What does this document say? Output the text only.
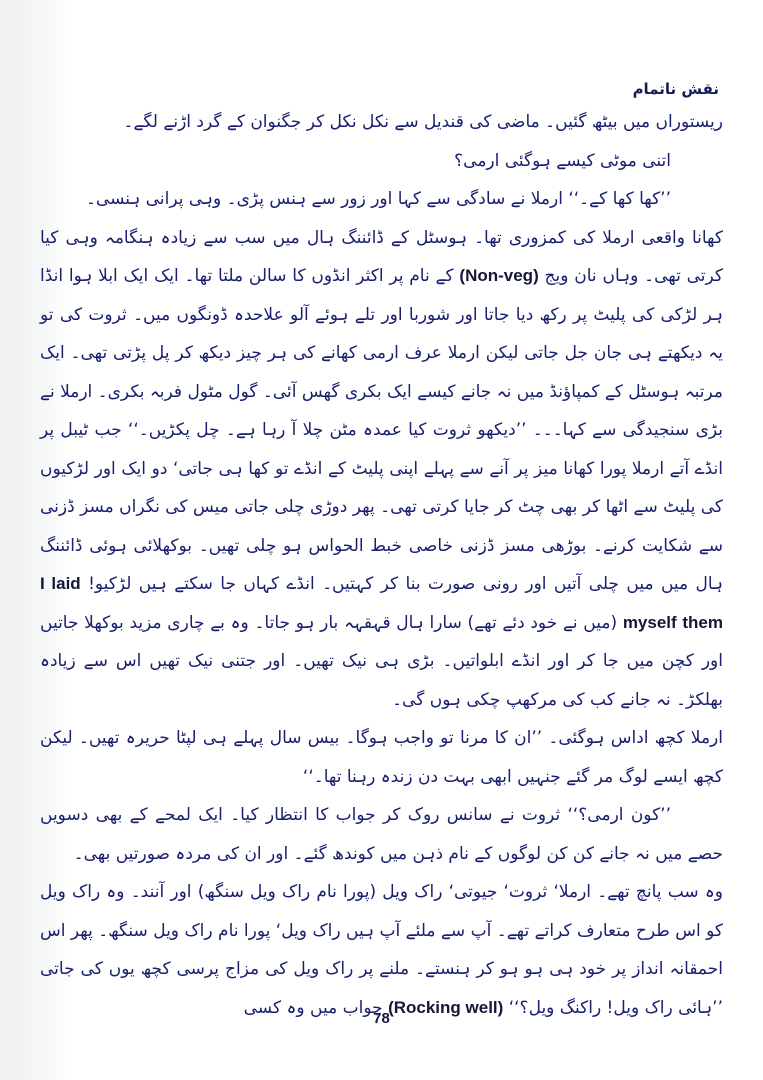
نقش ناتمام

ریستوراں میں بیٹھ گئیں۔ ماضی کی قندیل سے نکل نکل کر جگنوان کے گرد اڑنے لگے۔

اتنی موٹی کیسے ہوگئی ارمی؟

’’کھا کھا کے۔‘‘ ارملا نے سادگی سے کہا اور زور سے ہنس پڑی۔ وہی پرانی ہنسی۔

کھانا واقعی ارملا کی کمزوری تھا۔ ہوسٹل کے ڈائننگ ہال میں سب سے زیادہ ہنگامہ وہی کیا کرتی تھی۔ وہاں نان ویج (Non-veg) کے نام پر اکثر انڈوں کا سالن ملتا تھا۔ ایک ایک ابلا ہوا انڈا ہر لڑکی کی پلیٹ پر رکھ دیا جاتا اور شوربا اور تلے ہوئے آلو علاحدہ ڈونگوں میں۔ ثروت کی تو یہ دیکھتے ہی جان جل جاتی لیکن ارملا عرف ارمی کھانے کی ہر چیز دیکھ کر پل پڑتی تھی۔ ایک مرتبہ ہوسٹل کے کمپاؤنڈ میں نہ جانے کیسے ایک بکری گھس آئی۔ گول مٹول فربہ بکری۔ ارملا نے بڑی سنجیدگی سے کہا۔۔۔ ’’دیکھو ثروت کیا عمدہ مٹن چلا آ رہا ہے۔ چل پکڑیں۔‘‘ جب ٹیبل پر انڈے آتے ارملا پورا کھانا میز پر آنے سے پہلے اپنی پلیٹ کے انڈے تو کھا ہی جاتی‘ دو ایک اور لڑکیوں کی پلیٹ سے اٹھا کر بھی چٹ کر جایا کرتی تھی۔ پھر دوڑی چلی جاتی میس کی نگراں مسز ڈزنی سے شکایت کرنے۔ بوڑھی مسز ڈزنی خاصی خبط الحواس ہو چلی تھیں۔ بوکھلائی ہوئی ڈائننگ ہال میں میں چلی آتیں اور رونی صورت بنا کر کہتیں۔ انڈے کہاں جا سکتے ہیں لڑکیو! I laid them myself (میں نے خود دئے تھے) سارا ہال قہقہہ بار ہو جاتا۔ وہ بے چاری مزید بوکھلا جاتیں اور کچن میں جا کر اور انڈے ابلواتیں۔ بڑی ہی نیک تھیں۔ اور جتنی نیک تھیں اس سے زیادہ بھلکڑ۔ نہ جانے کب کی مرکھپ چکی ہوں گی۔

ارملا کچھ اداس ہوگئی۔ ’’ان کا مرنا تو واجب ہوگا۔ بیس سال پہلے ہی لپٹا حریرہ تھیں۔ لیکن کچھ ایسے لوگ مر گئے جنہیں ابھی بہت دن زندہ رہنا تھا۔‘‘

’’کون ارمی؟‘‘ ثروت نے سانس روک کر جواب کا انتظار کیا۔ ایک لمحے کے بھی دسویں حصے میں نہ جانے کن کن لوگوں کے نام ذہن میں کوندھ گئے۔ اور ان کی مردہ صورتیں بھی۔

وہ سب پانچ تھے۔ ارملا‘ ثروت‘ جیوتی‘ راک ویل (پورا نام راک ویل سنگھ) اور آنند۔ وہ راک ویل کو اس طرح متعارف کراتے تھے۔ آپ سے ملئے آپ ہیں راک ویل‘ پورا نام راک ویل سنگھ۔ پھر اس احمقانہ انداز پر خود ہی ہو ہو کر ہنستے۔ ملنے پر راک ویل کی مزاج پرسی کچھ یوں کی جاتی ’’ہائی راک ویل! راکنگ ویل؟‘‘ (Rocking well) جواب میں وہ کسی

78
